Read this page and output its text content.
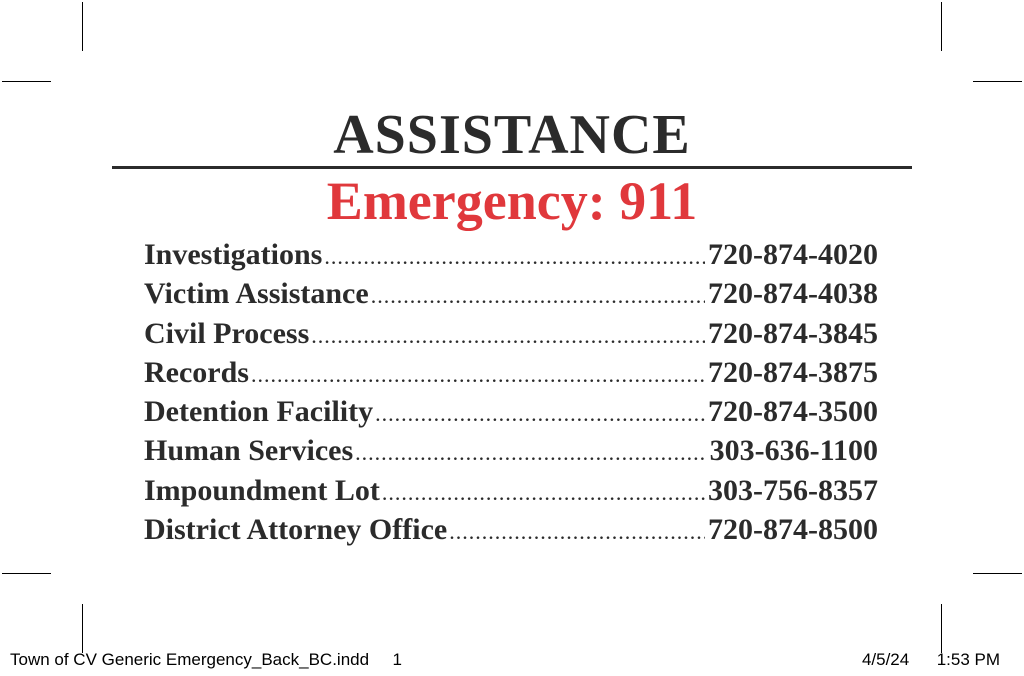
ASSISTANCE
Emergency: 911
Investigations .....	720-874-4020
Victim Assistance .....	720-874-4038
Civil Process .....	720-874-3845
Records .....	720-874-3875
Detention Facility .....	720-874-3500
Human Services .....	303-636-1100
Impoundment Lot .....	303-756-8357
District Attorney Office .....	720-874-8500
Town of CV Generic Emergency_Back_BC.indd 1	4/5/24 1:53 PM
